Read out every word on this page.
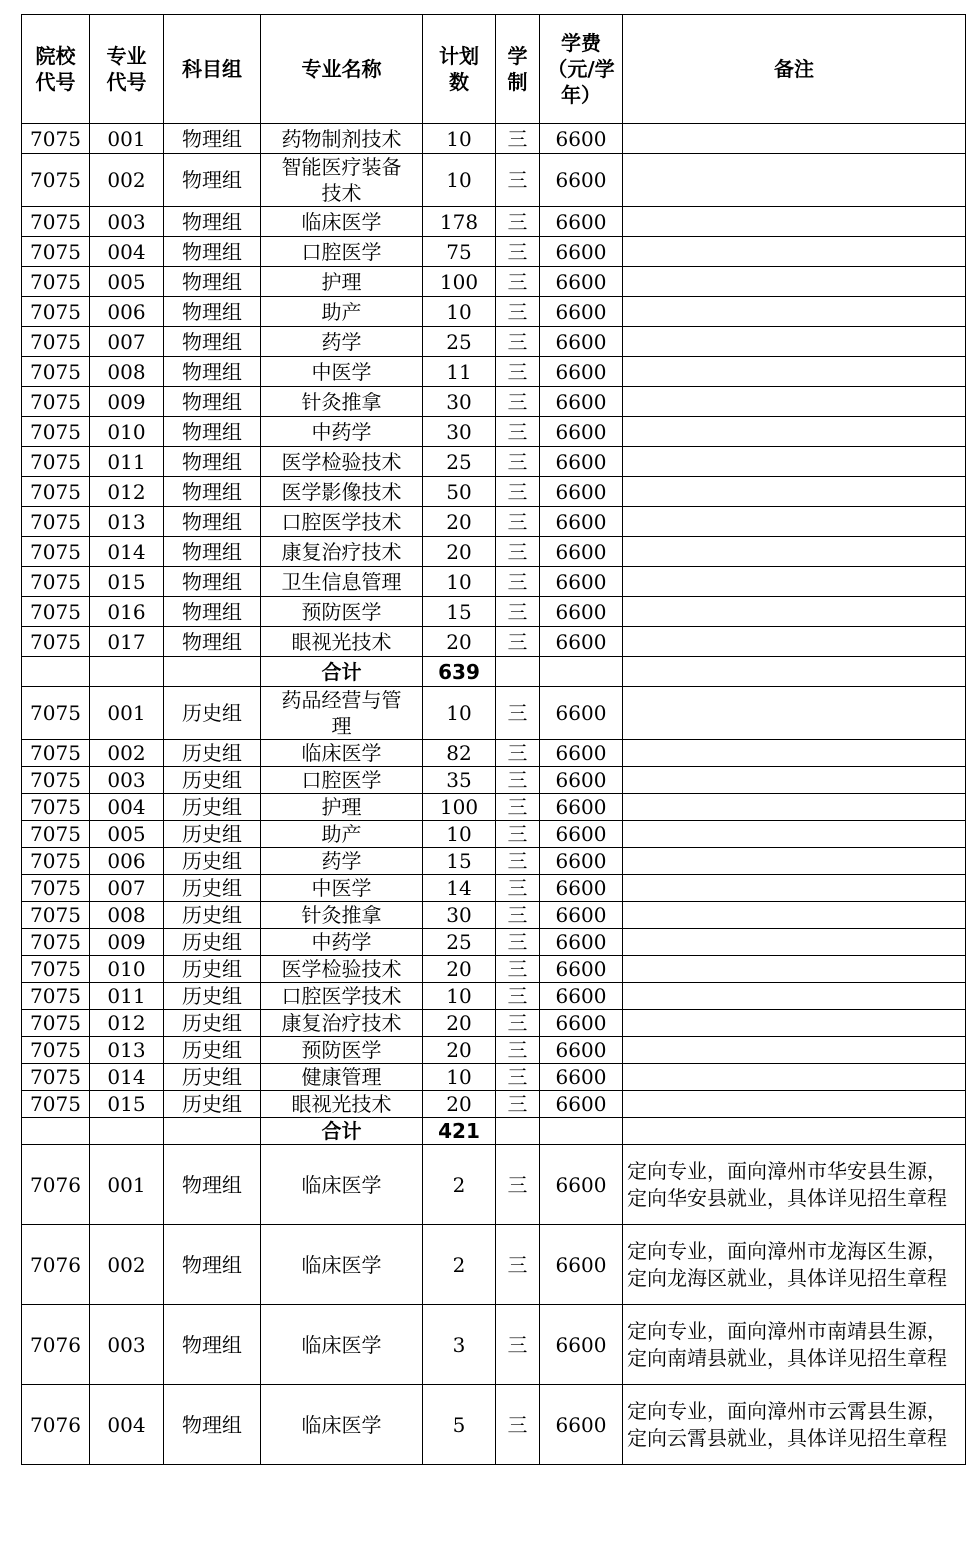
院校代号	专业代号	科目组	专业名称	计划数	学制	学费（元/学年）	备注
7075	001	物理组	药物制剂技术	10	三	6600	
7075	002	物理组	智能医疗装备技术	10	三	6600	
7075	003	物理组	临床医学	178	三	6600	
7075	004	物理组	口腔医学	75	三	6600	
7075	005	物理组	护理	100	三	6600	
7075	006	物理组	助产	10	三	6600	
7075	007	物理组	药学	25	三	6600	
7075	008	物理组	中医学	11	三	6600	
7075	009	物理组	针灸推拿	30	三	6600	
7075	010	物理组	中药学	30	三	6600	
7075	011	物理组	医学检验技术	25	三	6600	
7075	012	物理组	医学影像技术	50	三	6600	
7075	013	物理组	口腔医学技术	20	三	6600	
7075	014	物理组	康复治疗技术	20	三	6600	
7075	015	物理组	卫生信息管理	10	三	6600	
7075	016	物理组	预防医学	15	三	6600	
7075	017	物理组	眼视光技术	20	三	6600	
			合计	639			
7075	001	历史组	药品经营与管理	10	三	6600	
7075	002	历史组	临床医学	82	三	6600	
7075	003	历史组	口腔医学	35	三	6600	
7075	004	历史组	护理	100	三	6600	
7075	005	历史组	助产	10	三	6600	
7075	006	历史组	药学	15	三	6600	
7075	007	历史组	中医学	14	三	6600	
7075	008	历史组	针灸推拿	30	三	6600	
7075	009	历史组	中药学	25	三	6600	
7075	010	历史组	医学检验技术	20	三	6600	
7075	011	历史组	口腔医学技术	10	三	6600	
7075	012	历史组	康复治疗技术	20	三	6600	
7075	013	历史组	预防医学	20	三	6600	
7075	014	历史组	健康管理	10	三	6600	
7075	015	历史组	眼视光技术	20	三	6600	
			合计	421			
7076	001	物理组	临床医学	2	三	6600	定向专业，面向漳州市华安县生源，定向华安县就业，具体详见招生章程
7076	002	物理组	临床医学	2	三	6600	定向专业，面向漳州市龙海区生源，定向龙海区就业，具体详见招生章程
7076	003	物理组	临床医学	3	三	6600	定向专业，面向漳州市南靖县生源，定向南靖县就业，具体详见招生章程
7076	004	物理组	临床医学	5	三	6600	定向专业，面向漳州市云霄县生源，定向云霄县就业，具体详见招生章程
